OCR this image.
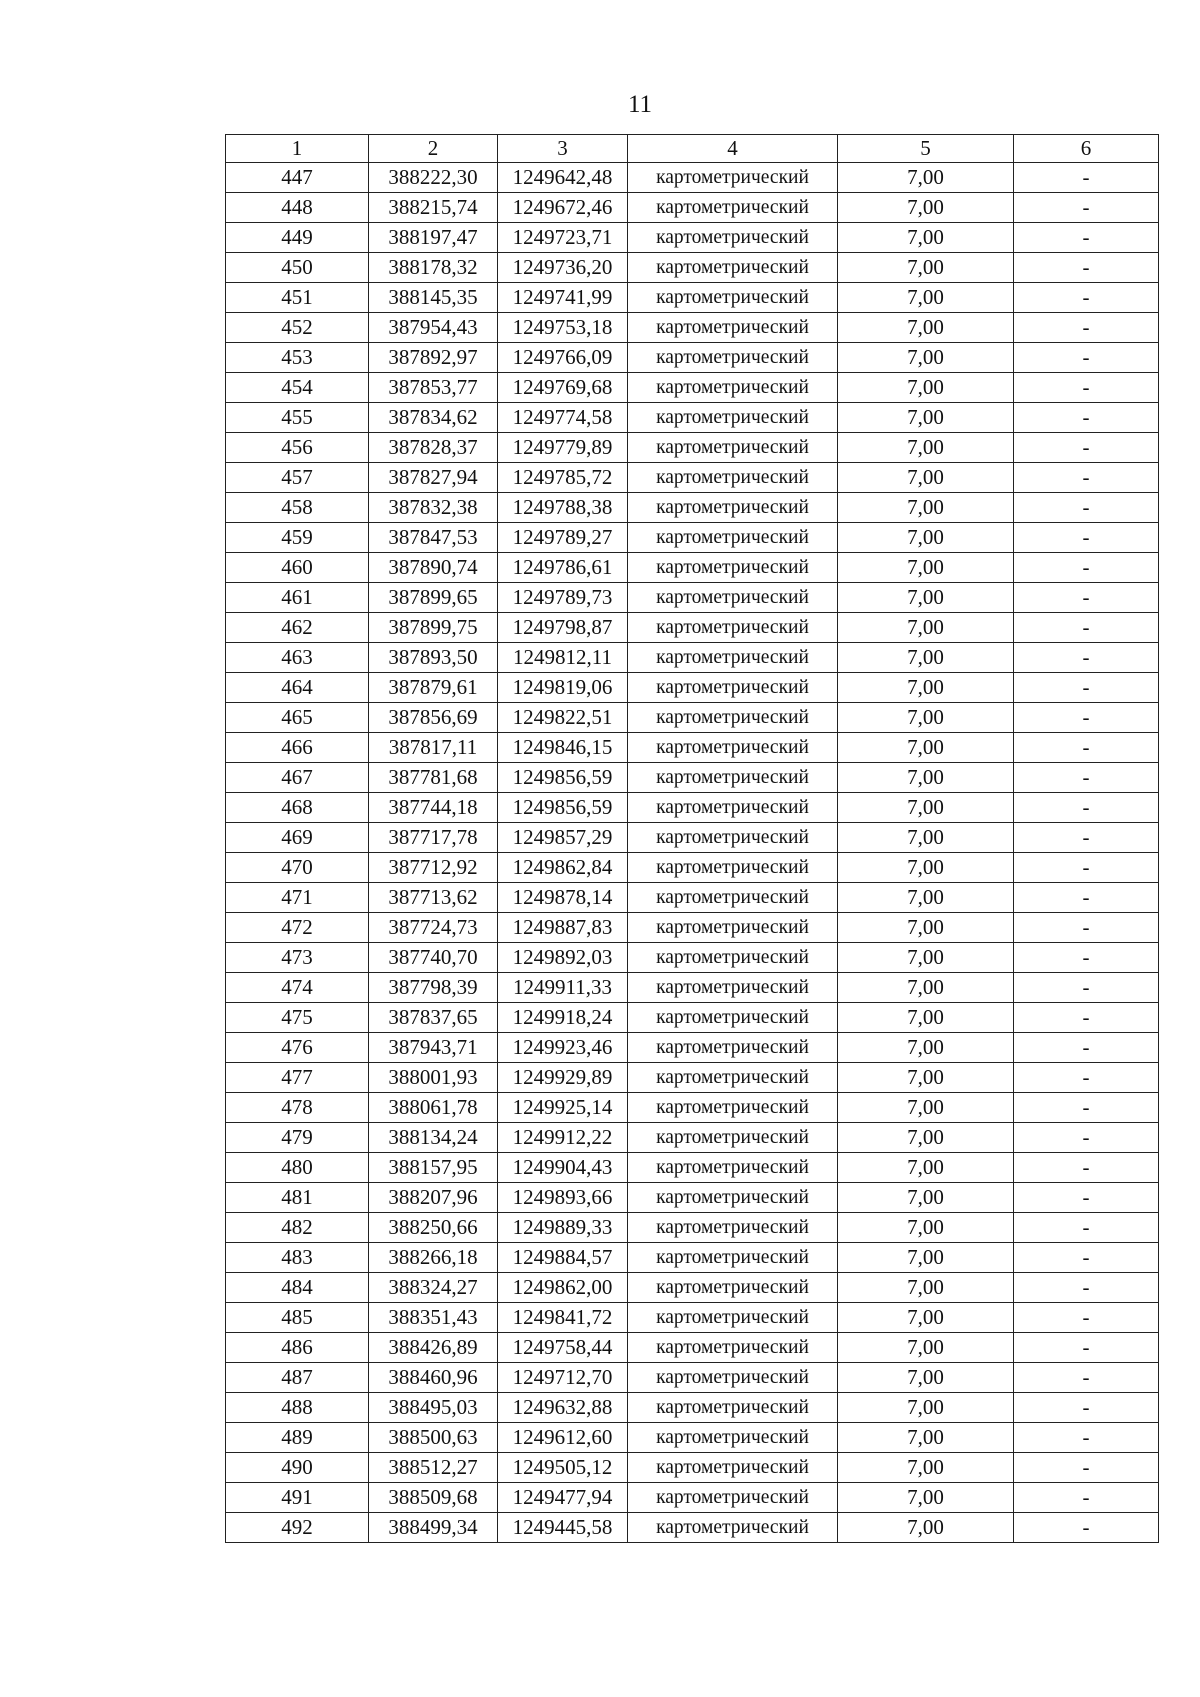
11
1	2	3	4	5	6
447	388222,30	1249642,48	картометрический	7,00	-
448	388215,74	1249672,46	картометрический	7,00	-
449	388197,47	1249723,71	картометрический	7,00	-
450	388178,32	1249736,20	картометрический	7,00	-
451	388145,35	1249741,99	картометрический	7,00	-
452	387954,43	1249753,18	картометрический	7,00	-
453	387892,97	1249766,09	картометрический	7,00	-
454	387853,77	1249769,68	картометрический	7,00	-
455	387834,62	1249774,58	картометрический	7,00	-
456	387828,37	1249779,89	картометрический	7,00	-
457	387827,94	1249785,72	картометрический	7,00	-
458	387832,38	1249788,38	картометрический	7,00	-
459	387847,53	1249789,27	картометрический	7,00	-
460	387890,74	1249786,61	картометрический	7,00	-
461	387899,65	1249789,73	картометрический	7,00	-
462	387899,75	1249798,87	картометрический	7,00	-
463	387893,50	1249812,11	картометрический	7,00	-
464	387879,61	1249819,06	картометрический	7,00	-
465	387856,69	1249822,51	картометрический	7,00	-
466	387817,11	1249846,15	картометрический	7,00	-
467	387781,68	1249856,59	картометрический	7,00	-
468	387744,18	1249856,59	картометрический	7,00	-
469	387717,78	1249857,29	картометрический	7,00	-
470	387712,92	1249862,84	картометрический	7,00	-
471	387713,62	1249878,14	картометрический	7,00	-
472	387724,73	1249887,83	картометрический	7,00	-
473	387740,70	1249892,03	картометрический	7,00	-
474	387798,39	1249911,33	картометрический	7,00	-
475	387837,65	1249918,24	картометрический	7,00	-
476	387943,71	1249923,46	картометрический	7,00	-
477	388001,93	1249929,89	картометрический	7,00	-
478	388061,78	1249925,14	картометрический	7,00	-
479	388134,24	1249912,22	картометрический	7,00	-
480	388157,95	1249904,43	картометрический	7,00	-
481	388207,96	1249893,66	картометрический	7,00	-
482	388250,66	1249889,33	картометрический	7,00	-
483	388266,18	1249884,57	картометрический	7,00	-
484	388324,27	1249862,00	картометрический	7,00	-
485	388351,43	1249841,72	картометрический	7,00	-
486	388426,89	1249758,44	картометрический	7,00	-
487	388460,96	1249712,70	картометрический	7,00	-
488	388495,03	1249632,88	картометрический	7,00	-
489	388500,63	1249612,60	картометрический	7,00	-
490	388512,27	1249505,12	картометрический	7,00	-
491	388509,68	1249477,94	картометрический	7,00	-
492	388499,34	1249445,58	картометрический	7,00	-
